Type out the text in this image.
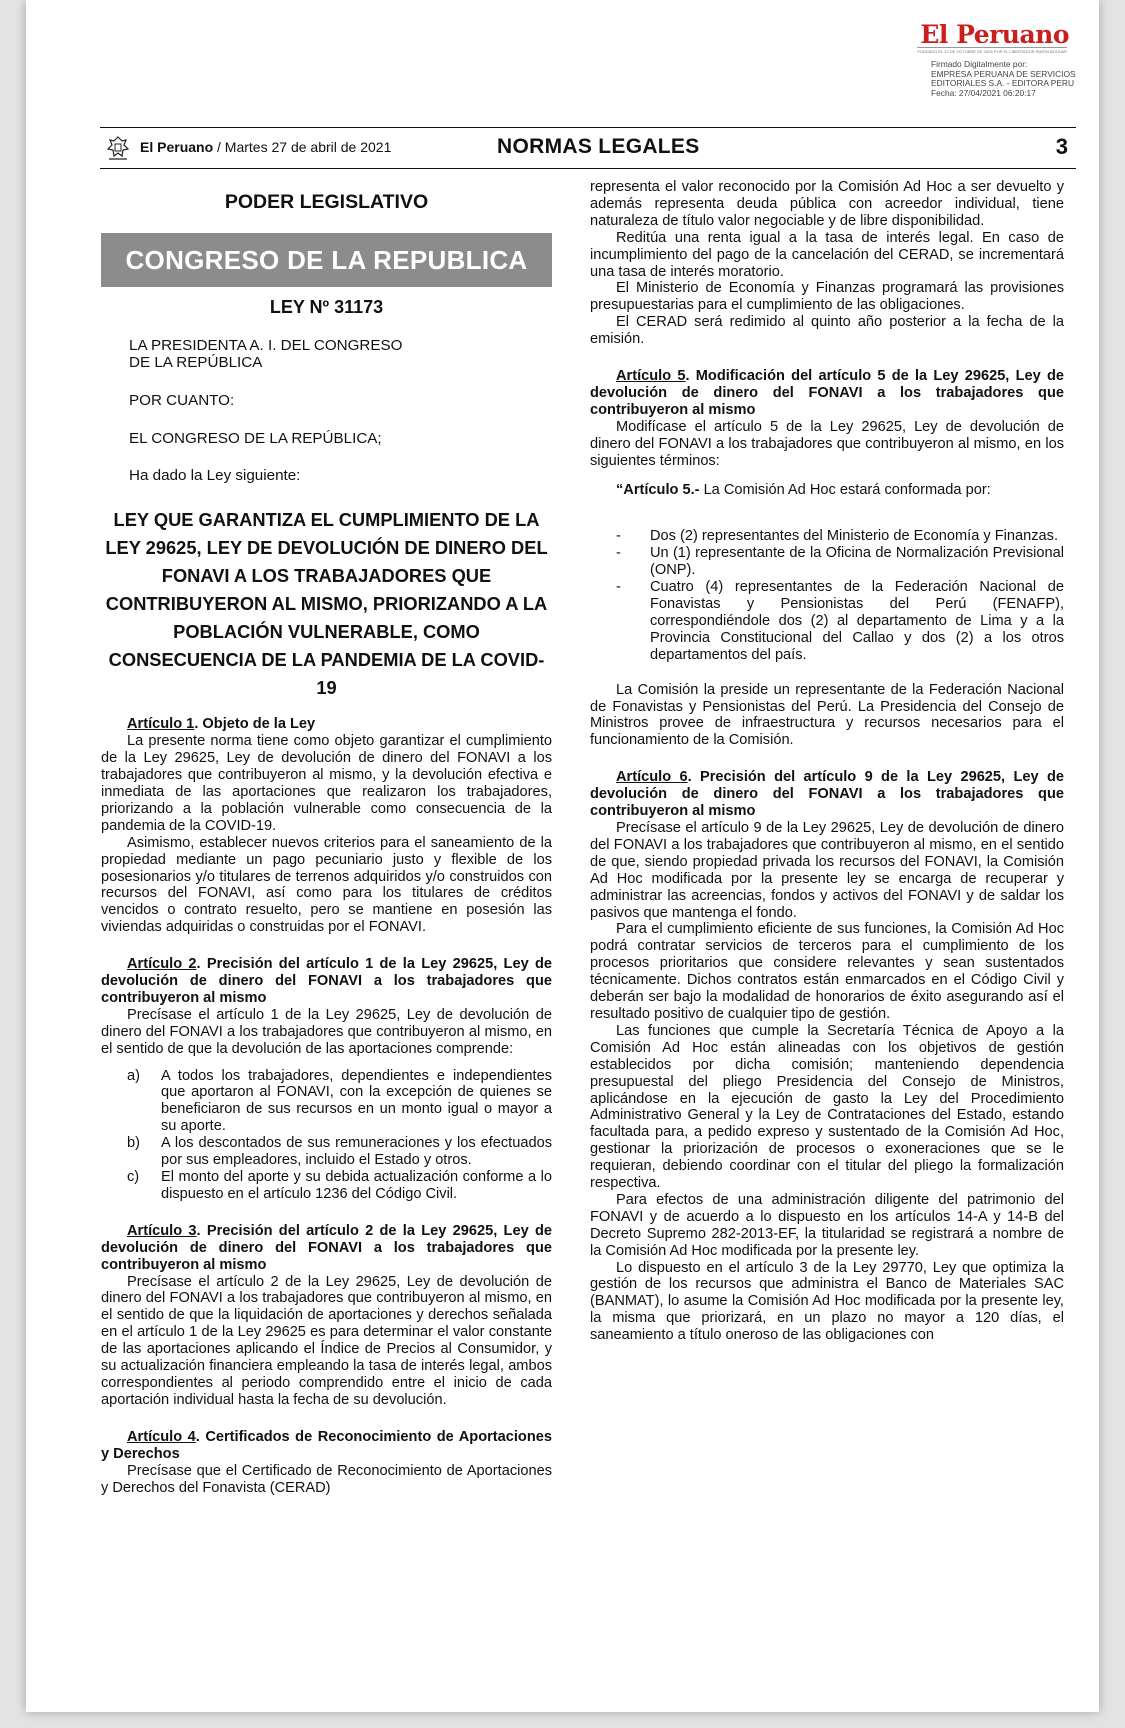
El Peruano
FUNDADO EL 22 DE OCTUBRE DE 1825 POR EL LIBERTADOR SIMÓN BOLÍVAR
Firmado Digitalmente por:
EMPRESA PERUANA DE SERVICIOS
EDITORIALES S.A. - EDITORA PERU
Fecha: 27/04/2021 06:20:17
El Peruano / Martes 27 de abril de 2021	NORMAS LEGALES	3
PODER LEGISLATIVO
CONGRESO DE LA REPUBLICA
LEY Nº 31173
LA PRESIDENTA A. I. DEL CONGRESO
DE LA REPÚBLICA
POR CUANTO:
EL CONGRESO DE LA REPÚBLICA;
Ha dado la Ley siguiente:
LEY QUE GARANTIZA EL CUMPLIMIENTO DE LA LEY 29625, LEY DE DEVOLUCIÓN DE DINERO DEL FONAVI A LOS TRABAJADORES QUE CONTRIBUYERON AL MISMO, PRIORIZANDO A LA POBLACIÓN VULNERABLE, COMO CONSECUENCIA DE LA PANDEMIA DE LA COVID-19
Artículo 1. Objeto de la Ley

La presente norma tiene como objeto garantizar el cumplimiento de la Ley 29625, Ley de devolución de dinero del FONAVI a los trabajadores que contribuyeron al mismo, y la devolución efectiva e inmediata de las aportaciones que realizaron los trabajadores, priorizando a la población vulnerable como consecuencia de la pandemia de la COVID-19.

Asimismo, establecer nuevos criterios para el saneamiento de la propiedad mediante un pago pecuniario justo y flexible de los posesionarios y/o titulares de terrenos adquiridos y/o construidos con recursos del FONAVI, así como para los titulares de créditos vencidos o contrato resuelto, pero se mantiene en posesión las viviendas adquiridas o construidas por el FONAVI.

Artículo 2. Precisión del artículo 1 de la Ley 29625, Ley de devolución de dinero del FONAVI a los trabajadores que contribuyeron al mismo

Precísase el artículo 1 de la Ley 29625, Ley de devolución de dinero del FONAVI a los trabajadores que contribuyeron al mismo, en el sentido de que la devolución de las aportaciones comprende:

a)	A todos los trabajadores, dependientes e independientes que aportaron al FONAVI, con la excepción de quienes se beneficiaron de sus recursos en un monto igual o mayor a su aporte.
b)	A los descontados de sus remuneraciones y los efectuados por sus empleadores, incluido el Estado y otros.
c)	El monto del aporte y su debida actualización conforme a lo dispuesto en el artículo 1236 del Código Civil.
Artículo 3. Precisión del artículo 2 de la Ley 29625, Ley de devolución de dinero del FONAVI a los trabajadores que contribuyeron al mismo

Precísase el artículo 2 de la Ley 29625, Ley de devolución de dinero del FONAVI a los trabajadores que contribuyeron al mismo, en el sentido de que la liquidación de aportaciones y derechos señalada en el artículo 1 de la Ley 29625 es para determinar el valor constante de las aportaciones aplicando el Índice de Precios al Consumidor, y su actualización financiera empleando la tasa de interés legal, ambos correspondientes al periodo comprendido entre el inicio de cada aportación individual hasta la fecha de su devolución.

Artículo 4. Certificados de Reconocimiento de Aportaciones y Derechos

Precísase que el Certificado de Reconocimiento de Aportaciones y Derechos del Fonavista (CERAD)

representa el valor reconocido por la Comisión Ad Hoc a ser devuelto y además representa deuda pública con acreedor individual, tiene naturaleza de título valor negociable y de libre disponibilidad.

Reditúa una renta igual a la tasa de interés legal. En caso de incumplimiento del pago de la cancelación del CERAD, se incrementará una tasa de interés moratorio.

El Ministerio de Economía y Finanzas programará las provisiones presupuestarias para el cumplimiento de las obligaciones.

El CERAD será redimido al quinto año posterior a la fecha de la emisión.

Artículo 5. Modificación del artículo 5 de la Ley 29625, Ley de devolución de dinero del FONAVI a los trabajadores que contribuyeron al mismo

Modifícase el artículo 5 de la Ley 29625, Ley de devolución de dinero del FONAVI a los trabajadores que contribuyeron al mismo, en los siguientes términos:

“Artículo 5.- La Comisión Ad Hoc estará conformada por:
-	Dos (2) representantes del Ministerio de Economía y Finanzas.
-	Un (1) representante de la Oficina de Normalización Previsional (ONP).
-	Cuatro (4) representantes de la Federación Nacional de Fonavistas y Pensionistas del Perú (FENAFP), correspondiéndole dos (2) al departamento de Lima y a la Provincia Constitucional del Callao y dos (2) a los otros departamentos del país.

La Comisión la preside un representante de la Federación Nacional de Fonavistas y Pensionistas del Perú. La Presidencia del Consejo de Ministros provee de infraestructura y recursos necesarios para el funcionamiento de la Comisión.

Artículo 6. Precisión del artículo 9 de la Ley 29625, Ley de devolución de dinero del FONAVI a los trabajadores que contribuyeron al mismo

Precísase el artículo 9 de la Ley 29625, Ley de devolución de dinero del FONAVI a los trabajadores que contribuyeron al mismo, en el sentido de que, siendo propiedad privada los recursos del FONAVI, la Comisión Ad Hoc modificada por la presente ley se encarga de recuperar y administrar las acreencias, fondos y activos del FONAVI y de saldar los pasivos que mantenga el fondo.

Para el cumplimiento eficiente de sus funciones, la Comisión Ad Hoc podrá contratar servicios de terceros para el cumplimiento de los procesos prioritarios que considere relevantes y sean sustentados técnicamente. Dichos contratos están enmarcados en el Código Civil y deberán ser bajo la modalidad de honorarios de éxito asegurando así el resultado positivo de cualquier tipo de gestión.

Las funciones que cumple la Secretaría Técnica de Apoyo a la Comisión Ad Hoc están alineadas con los objetivos de gestión establecidos por dicha comisión; manteniendo dependencia presupuestal del pliego Presidencia del Consejo de Ministros, aplicándose en la ejecución de gasto la Ley del Procedimiento Administrativo General y la Ley de Contrataciones del Estado, estando facultada para, a pedido expreso y sustentado de la Comisión Ad Hoc, gestionar la priorización de procesos o exoneraciones que se le requieran, debiendo coordinar con el titular del pliego la formalización respectiva.

Para efectos de una administración diligente del patrimonio del FONAVI y de acuerdo a lo dispuesto en los artículos 14-A y 14-B del Decreto Supremo 282-2013-EF, la titularidad se registrará a nombre de la Comisión Ad Hoc modificada por la presente ley.

Lo dispuesto en el artículo 3 de la Ley 29770, Ley que optimiza la gestión de los recursos que administra el Banco de Materiales SAC (BANMAT), lo asume la Comisión Ad Hoc modificada por la presente ley, la misma que priorizará, en un plazo no mayor a 120 días, el saneamiento a título oneroso de las obligaciones con
